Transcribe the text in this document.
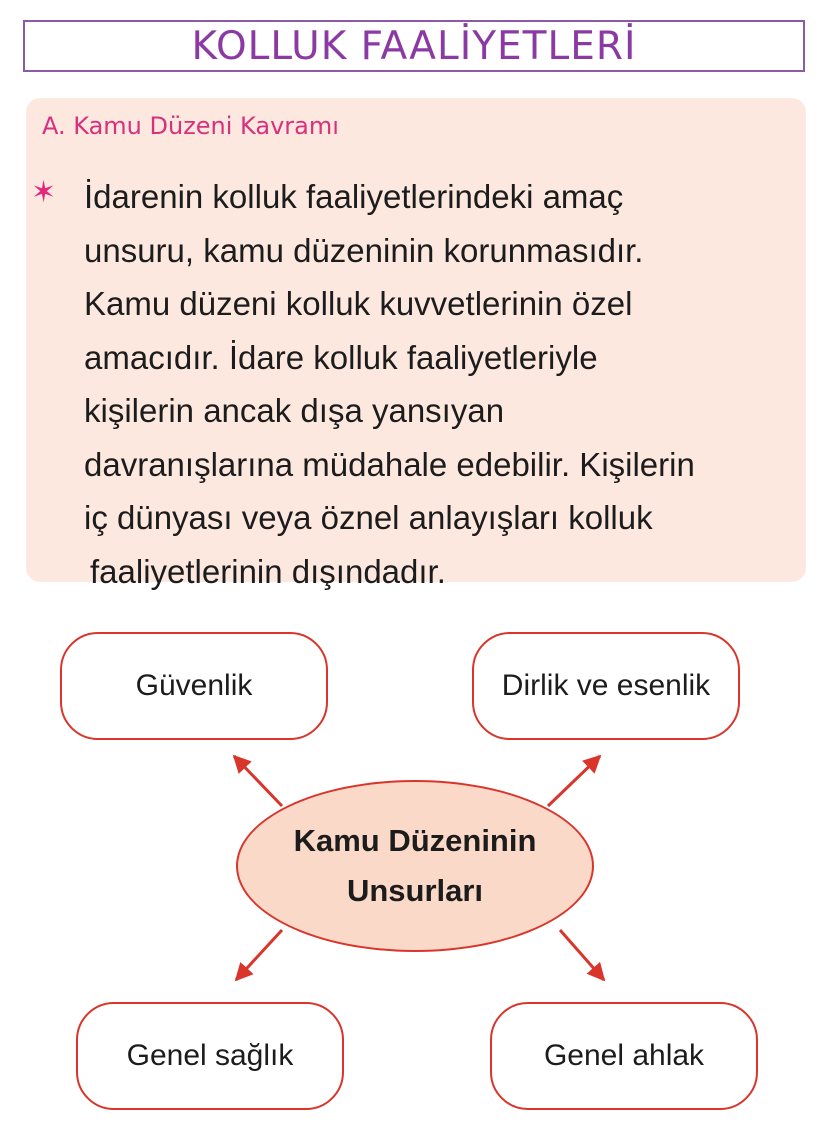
KOLLUK FAALİYETLERİ
A. Kamu Düzeni Kavramı
✶ İdarenin kolluk faaliyetlerindeki amaç
unsuru, kamu düzeninin korunmasıdır.
Kamu düzeni kolluk kuvvetlerinin özel
amacıdır. İdare kolluk faaliyetleriyle
kişilerin ancak dışa yansıyan
davranışlarına müdahale edebilir. Kişilerin
iç dünyası veya öznel anlayışları kolluk
faaliyetlerinin dışındadır.
Güvenlik	Dirlik ve esenlik
Genel sağlık	Genel ahlak
Kamu Düzeninin
Unsurları
